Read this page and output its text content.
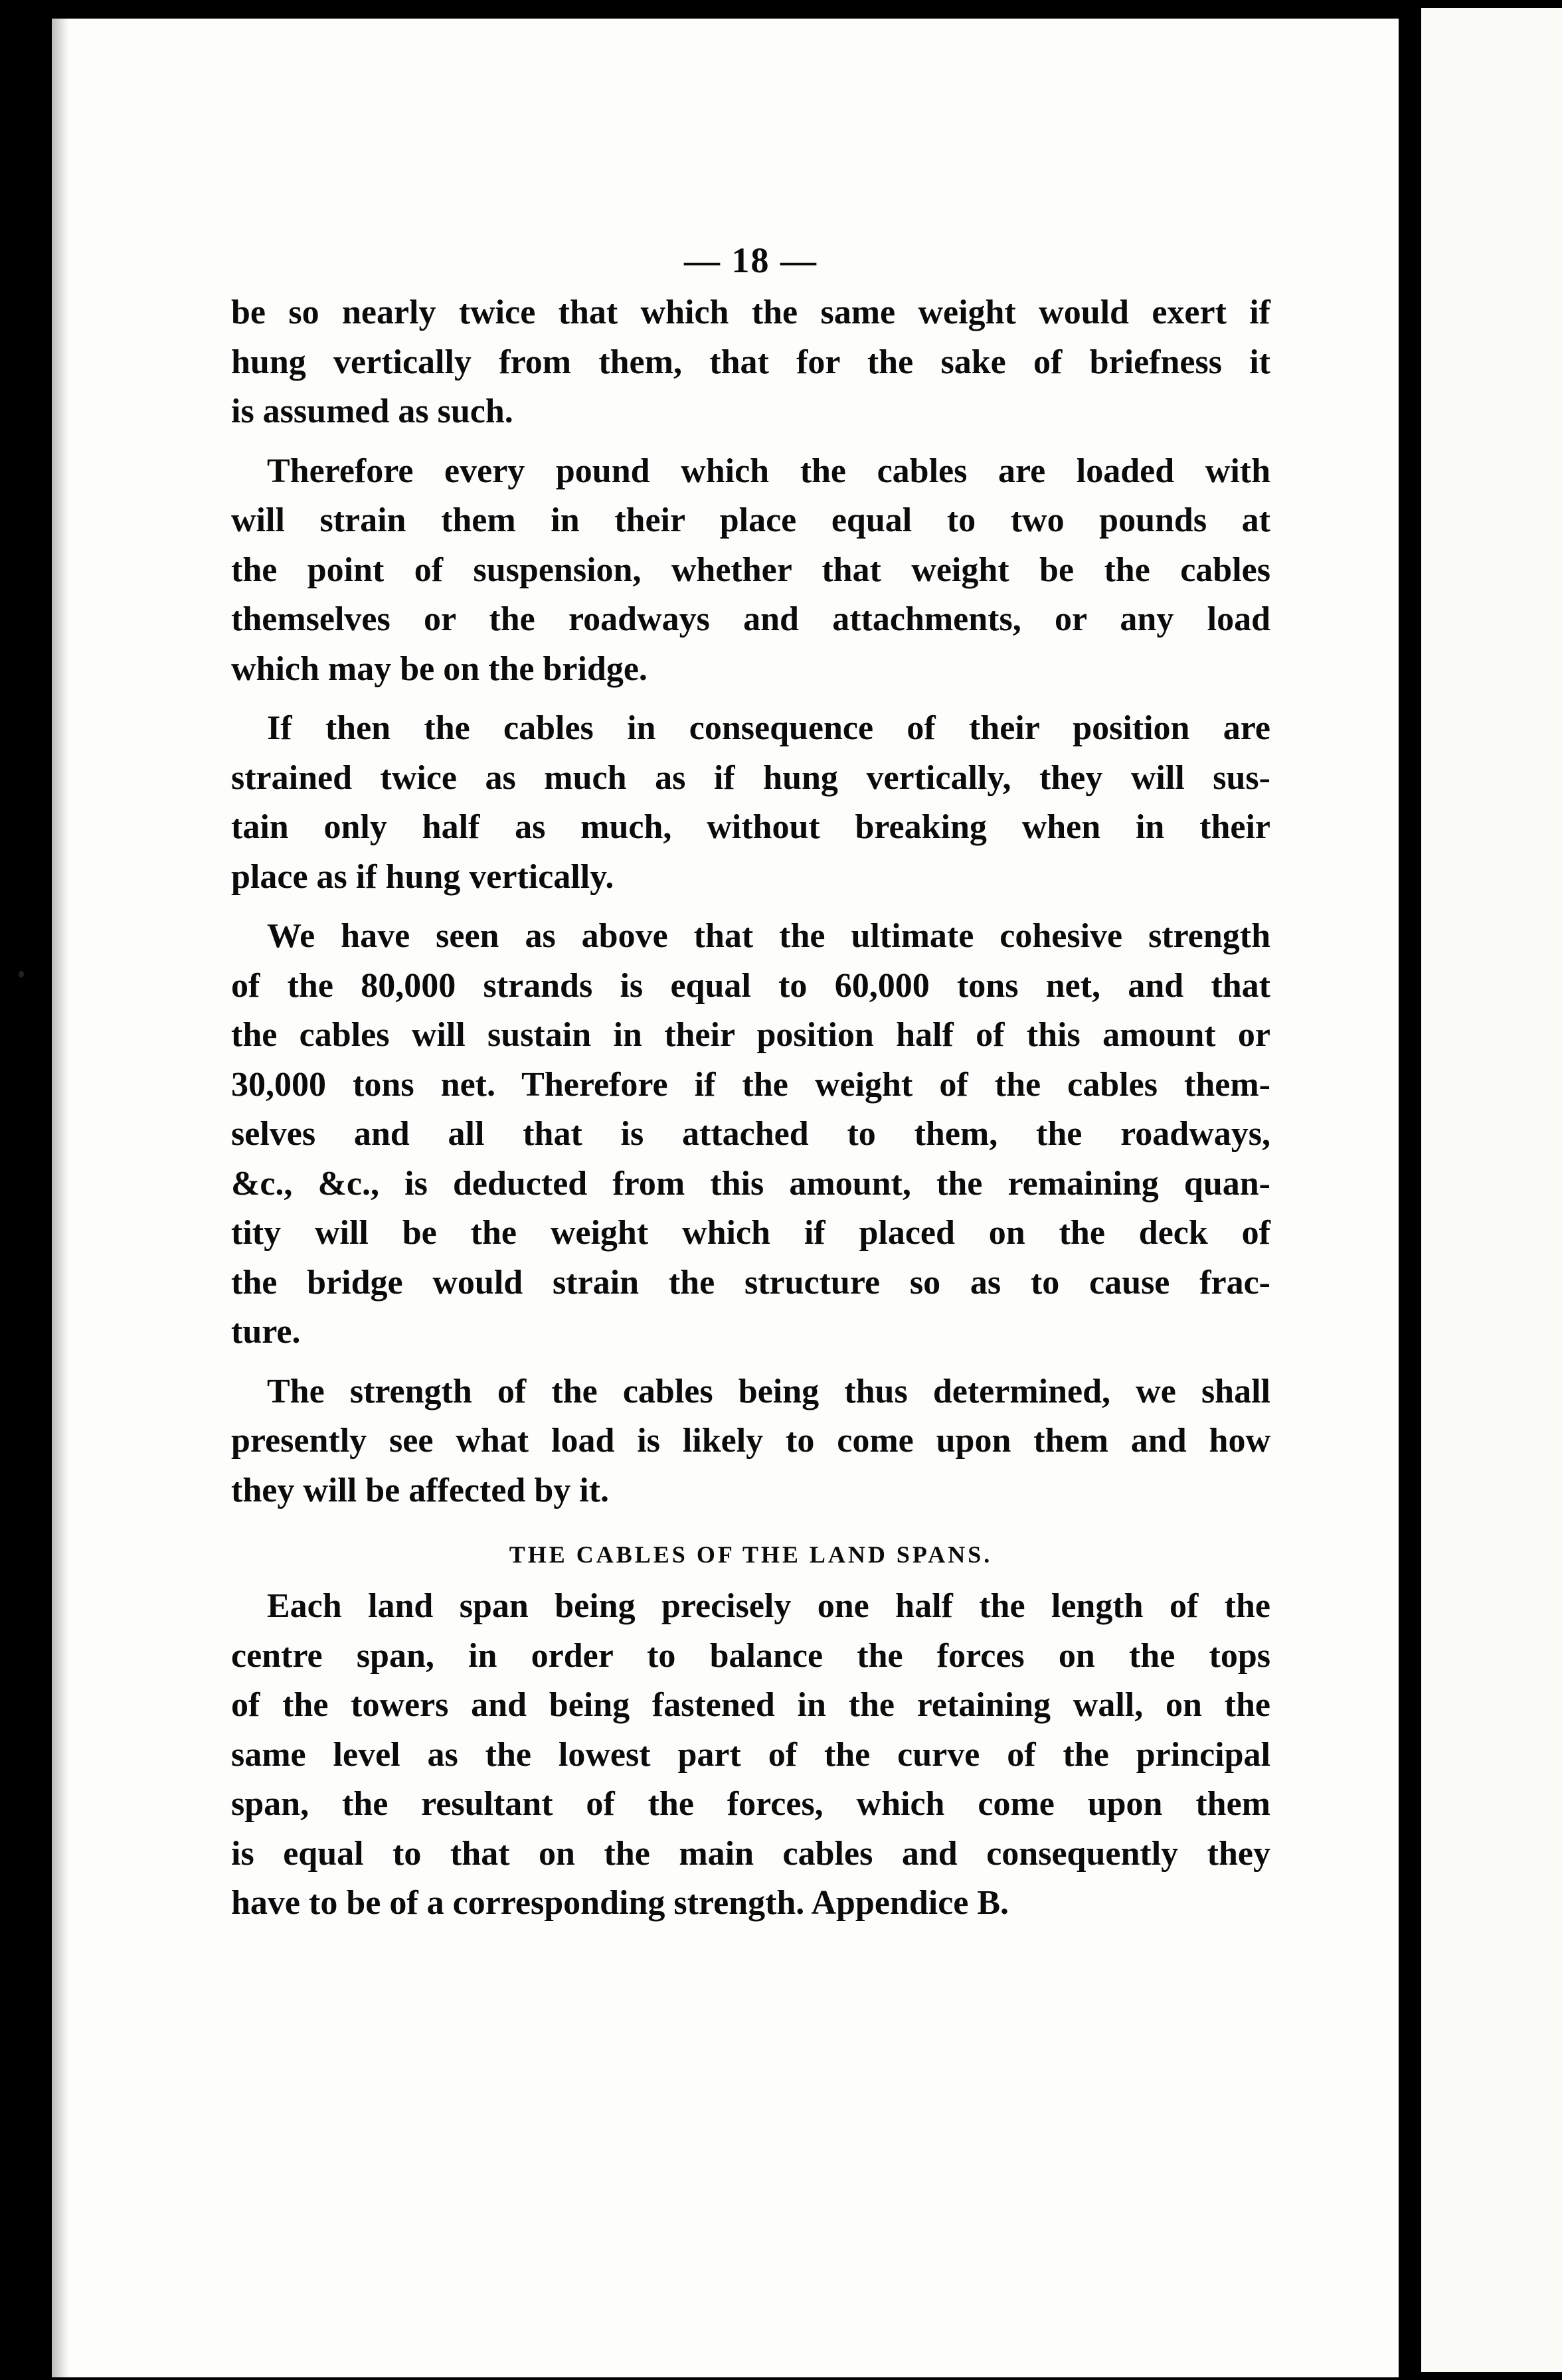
— 18 —
be so nearly twice that which the same weight would exert if
hung vertically from them, that for the sake of briefness it
is assumed as such.
Therefore every pound which the cables are loaded with
will strain them in their place equal to two pounds at
the point of suspension, whether that weight be the cables
themselves or the roadways and attachments, or any load
which may be on the bridge.
If then the cables in consequence of their position are
strained twice as much as if hung vertically, they will sus-
tain only half as much, without breaking when in their
place as if hung vertically.
We have seen as above that the ultimate cohesive strength
of the 80,000 strands is equal to 60,000 tons net, and that
the cables will sustain in their position half of this amount or
30,000 tons net. Therefore if the weight of the cables them-
selves and all that is attached to them, the roadways,
&c., &c., is deducted from this amount, the remaining quan-
tity will be the weight which if placed on the deck of
the bridge would strain the structure so as to cause frac-
ture.
The strength of the cables being thus determined, we shall
presently see what load is likely to come upon them and how
they will be affected by it.
THE CABLES OF THE LAND SPANS.
Each land span being precisely one half the length of the
centre span, in order to balance the forces on the tops
of the towers and being fastened in the retaining wall, on the
same level as the lowest part of the curve of the principal
span, the resultant of the forces, which come upon them
is equal to that on the main cables and consequently they
have to be of a corresponding strength. Appendice B.
